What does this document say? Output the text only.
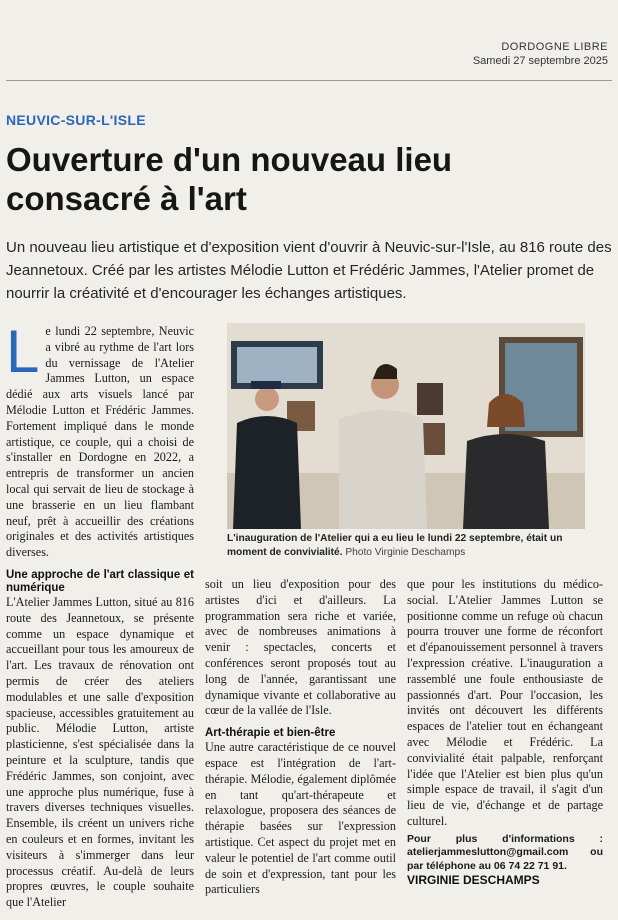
DORDOGNE LIBRE
Samedi 27 septembre 2025
NEUVIC-SUR-L'ISLE
Ouverture d'un nouveau lieu consacré à l'art
Un nouveau lieu artistique et d'exposition vient d'ouvrir à Neuvic-sur-l'Isle, au 816 route des Jeannetoux. Créé par les artistes Mélodie Lutton et Frédéric Jammes, l'Atelier promet de nourrir la créativité et d'encourager les échanges artistiques.
Le lundi 22 septembre, Neuvic a vibré au rythme de l'art lors du vernissage de l'Atelier Jammes Lutton, un espace dédié aux arts visuels lancé par Mélodie Lutton et Frédéric Jammes. Fortement impliqué dans le monde artistique, ce couple, qui a choisi de s'installer en Dordogne en 2022, a entrepris de transformer un ancien local qui servait de lieu de stockage à une brasserie en un lieu flambant neuf, prêt à accueillir des créations originales et des activités artistiques diverses.
Une approche de l'art classique et numérique
L'Atelier Jammes Lutton, situé au 816 route des Jeannetoux, se présente comme un espace dynamique et accueillant pour tous les amoureux de l'art. Les travaux de rénovation ont permis de créer des ateliers modulables et une salle d'exposition spacieuse, accessibles gratuitement au public. Mélodie Lutton, artiste plasticienne, s'est spécialisée dans la peinture et la sculpture, tandis que Frédéric Jammes, son conjoint, avec une approche plus numérique, fuse à travers diverses techniques visuelles. Ensemble, ils créent un univers riche en couleurs et en formes, invitant les visiteurs à s'immerger dans leur processus créatif. Au-delà de leurs propres œuvres, le couple souhaite que l'Atelier
L'inauguration de l'Atelier qui a eu lieu le lundi 22 septembre, était un moment de convivialité. Photo Virginie Deschamps
soit un lieu d'exposition pour des artistes d'ici et d'ailleurs. La programmation sera riche et variée, avec de nombreuses animations à venir : spectacles, concerts et conférences seront proposés tout au long de l'année, garantissant une dynamique vivante et collaborative au cœur de la vallée de l'Isle.
Art-thérapie et bien-être
Une autre caractéristique de ce nouvel espace est l'intégration de l'art-thérapie. Mélodie, également diplômée en tant qu'art-thérapeute et relaxologue, proposera des séances de thérapie basées sur l'expression artistique. Cet aspect du projet met en valeur le potentiel de l'art comme outil de soin et d'expression, tant pour les particuliers
que pour les institutions du médico-social. L'Atelier Jammes Lutton se positionne comme un refuge où chacun pourra trouver une forme de réconfort et d'épanouissement personnel à travers l'expression créative. L'inauguration a rassemblé une foule enthousiaste de passionnés d'art. Pour l'occasion, les invités ont découvert les différents espaces de l'atelier tout en échangeant avec Mélodie et Frédéric. La convivialité était palpable, renforçant l'idée que l'Atelier est bien plus qu'un simple espace de travail, il s'agit d'un lieu de vie, d'échange et de partage culturel.
Pour plus d'informations : atelierjammeslutton@gmail.com ou par téléphone au 06 74 22 71 91.
VIRGINIE DESCHAMPS
